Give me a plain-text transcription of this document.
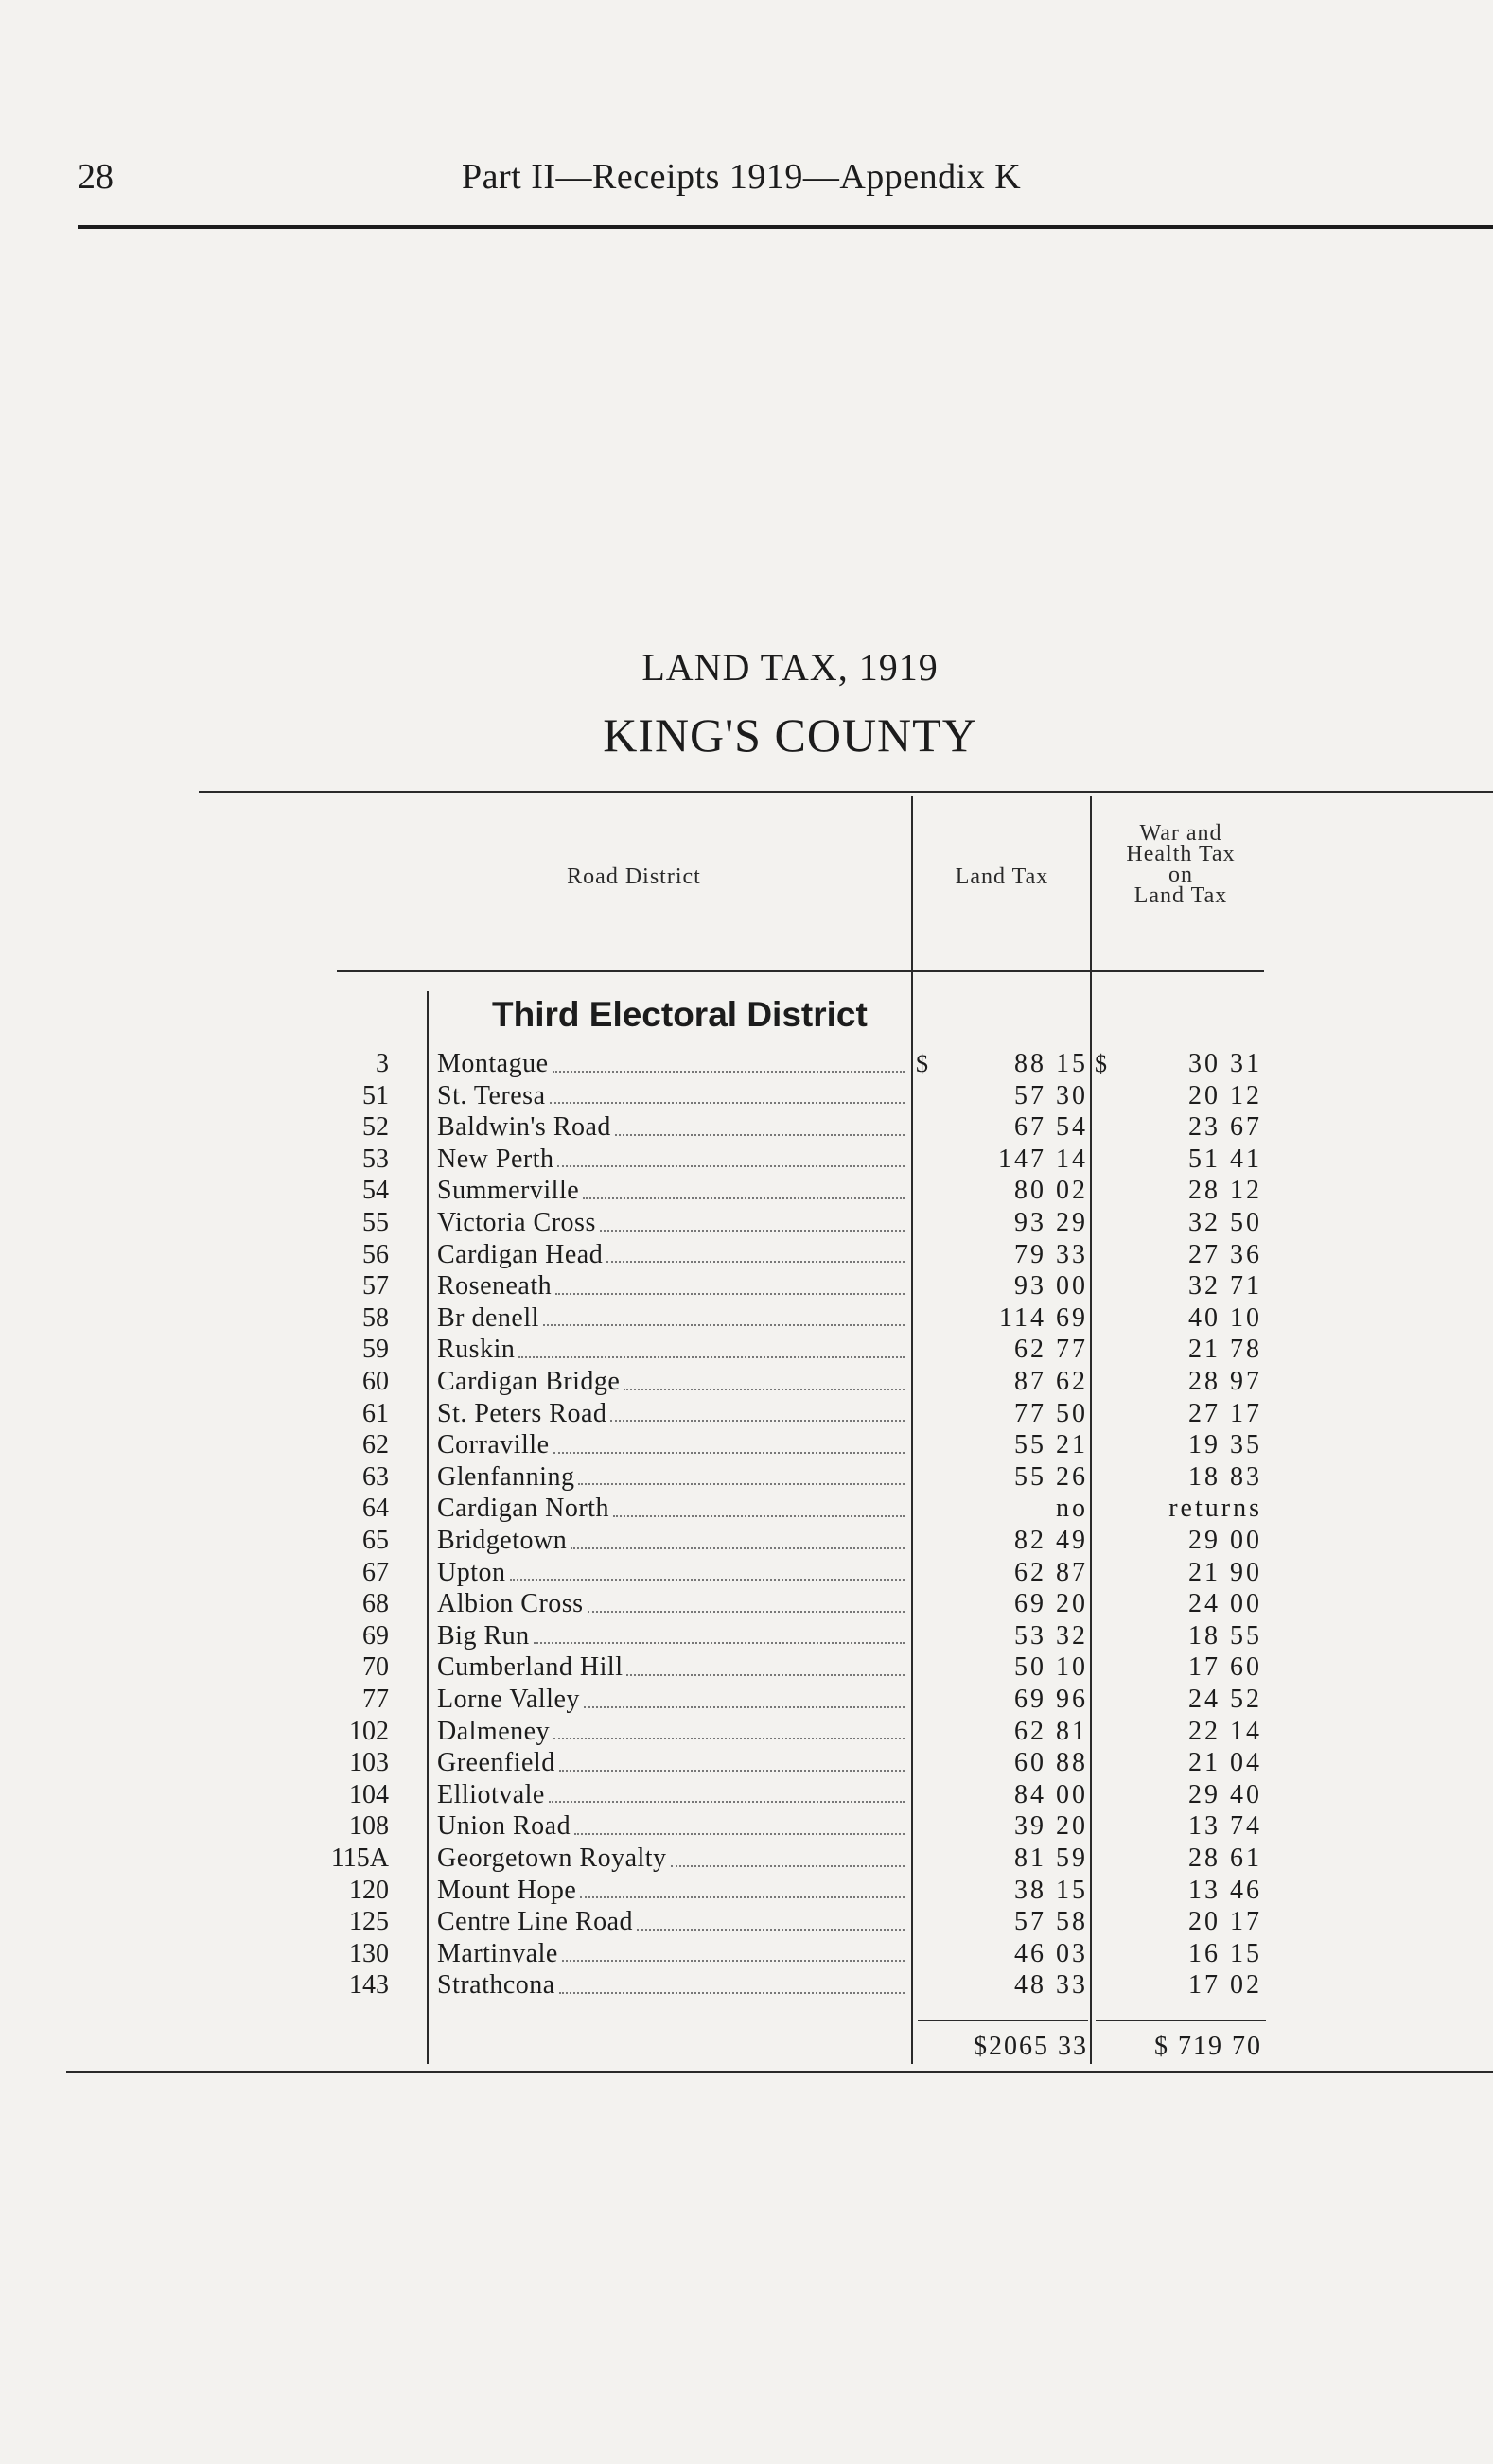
28	Part II—Receipts 1919—Appendix K
LAND TAX, 1919
KING'S COUNTY
Road District	Land Tax
War and
Health Tax
on
Land Tax
Third Electoral District
3 Montague	88 15	30 31
51 St. Teresa	57 30	20 12
52 Baldwin's Road	67 54	23 67
53 New Perth	147 14	51 41
54 Summerville	80 02	28 12
55 Victoria Cross	93 29	32 50
56 Cardigan Head	79 33	27 36
57 Roseneath	93 00	32 71
58 Br denell	114 69	40 10
59 Ruskin	62 77	21 78
60 Cardigan Bridge	87 62	28 97
61 St. Peters Road	77 50	27 17
62 Corraville	55 21	19 35
63 Glenfanning	55 26	18 83
64 Cardigan North	no	returns
65 Bridgetown	82 49	29 00
67 Upton	62 87	21 90
68 Albion Cross	69 20	24 00
69 Big Run	53 32	18 55
70 Cumberland Hill	50 10	17 60
77 Lorne Valley	69 96	24 52
102 Dalmeney	62 81	22 14
103 Greenfield	60 88	21 04
104 Elliotvale	84 00	29 40
108 Union Road	39 20	13 74
115A Georgetown Royalty	81 59	28 61
120 Mount Hope	38 15	13 46
125 Centre Line Road	57 58	20 17
130 Martinvale	46 03	16 15
143 Strathcona	48 33	17 02
$	$
$2065 33	$ 719 70
